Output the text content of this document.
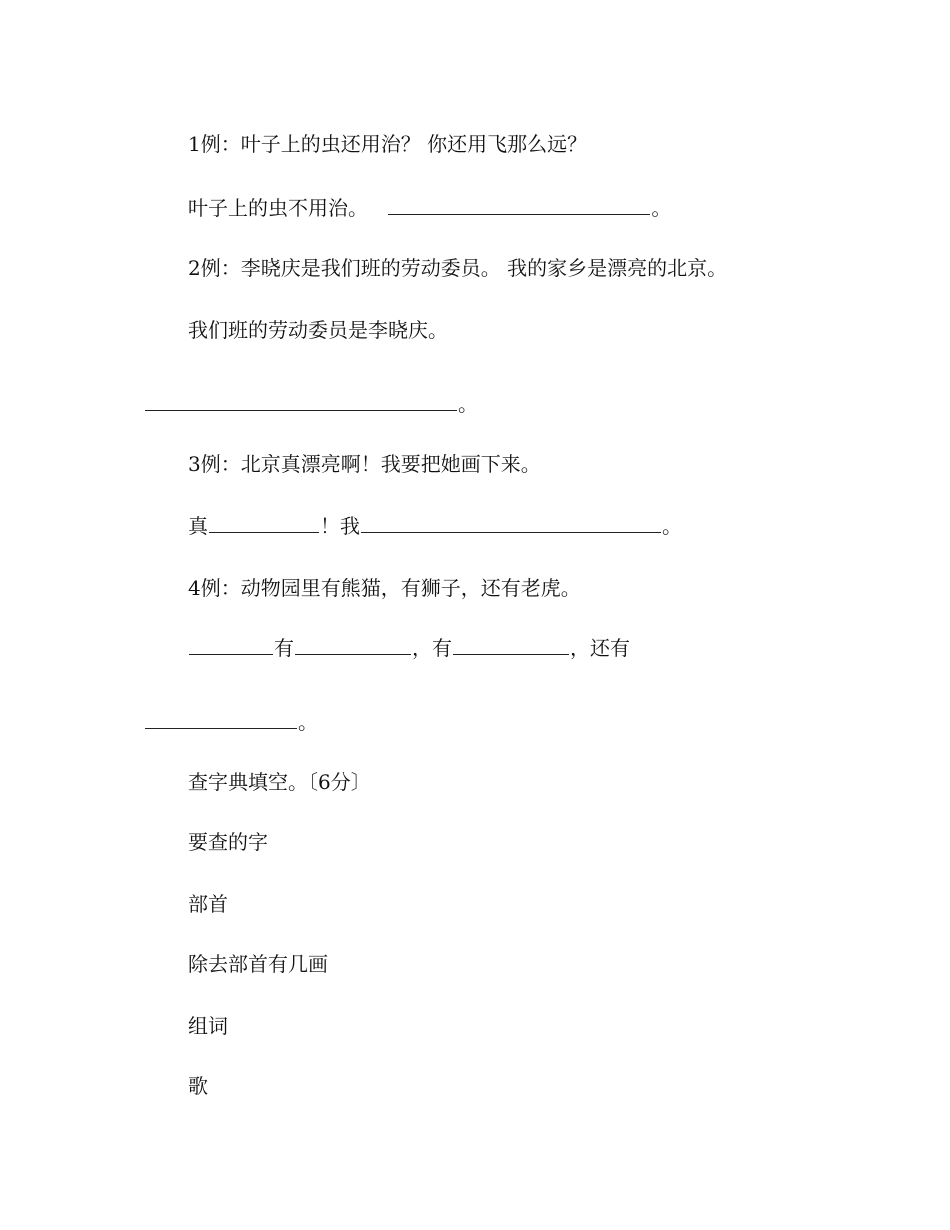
1例：叶子上的虫还用治？ 你还用飞那么远？
叶子上的虫不用治。	。
2例：李晓庆是我们班的劳动委员。 我的家乡是漂亮的北京。
我们班的劳动委员是李晓庆。
。
3例：北京真漂亮啊！我要把她画下来。
真	！我	。
4例：动物园里有熊猫，有狮子，还有老虎。
有	，有	，还有
。
查字典填空。〔6分〕
要查的字
部首
除去部首有几画
组词
歌
